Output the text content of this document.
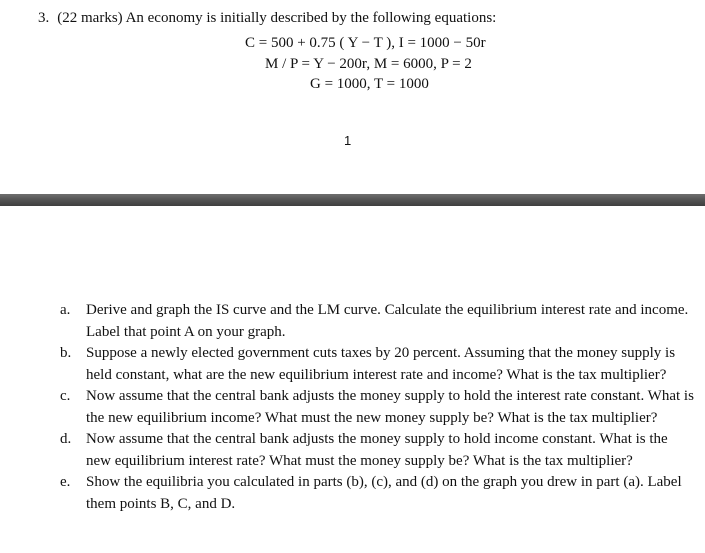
3. (22 marks) An economy is initially described by the following equations:
C = 500 + 0.75 ( Y − T ), I = 1000 − 50r
M / P = Y − 200r, M = 6000, P = 2
G = 1000, T = 1000
1
a. Derive and graph the IS curve and the LM curve. Calculate the equilibrium interest rate and income. Label that point A on your graph.
b. Suppose a newly elected government cuts taxes by 20 percent. Assuming that the money supply is held constant, what are the new equilibrium interest rate and income? What is the tax multiplier?
c. Now assume that the central bank adjusts the money supply to hold the interest rate constant. What is the new equilibrium income? What must the new money supply be? What is the tax multiplier?
d. Now assume that the central bank adjusts the money supply to hold income constant. What is the new equilibrium interest rate? What must the money supply be? What is the tax multiplier?
e. Show the equilibria you calculated in parts (b), (c), and (d) on the graph you drew in part (a). Label them points B, C, and D.
